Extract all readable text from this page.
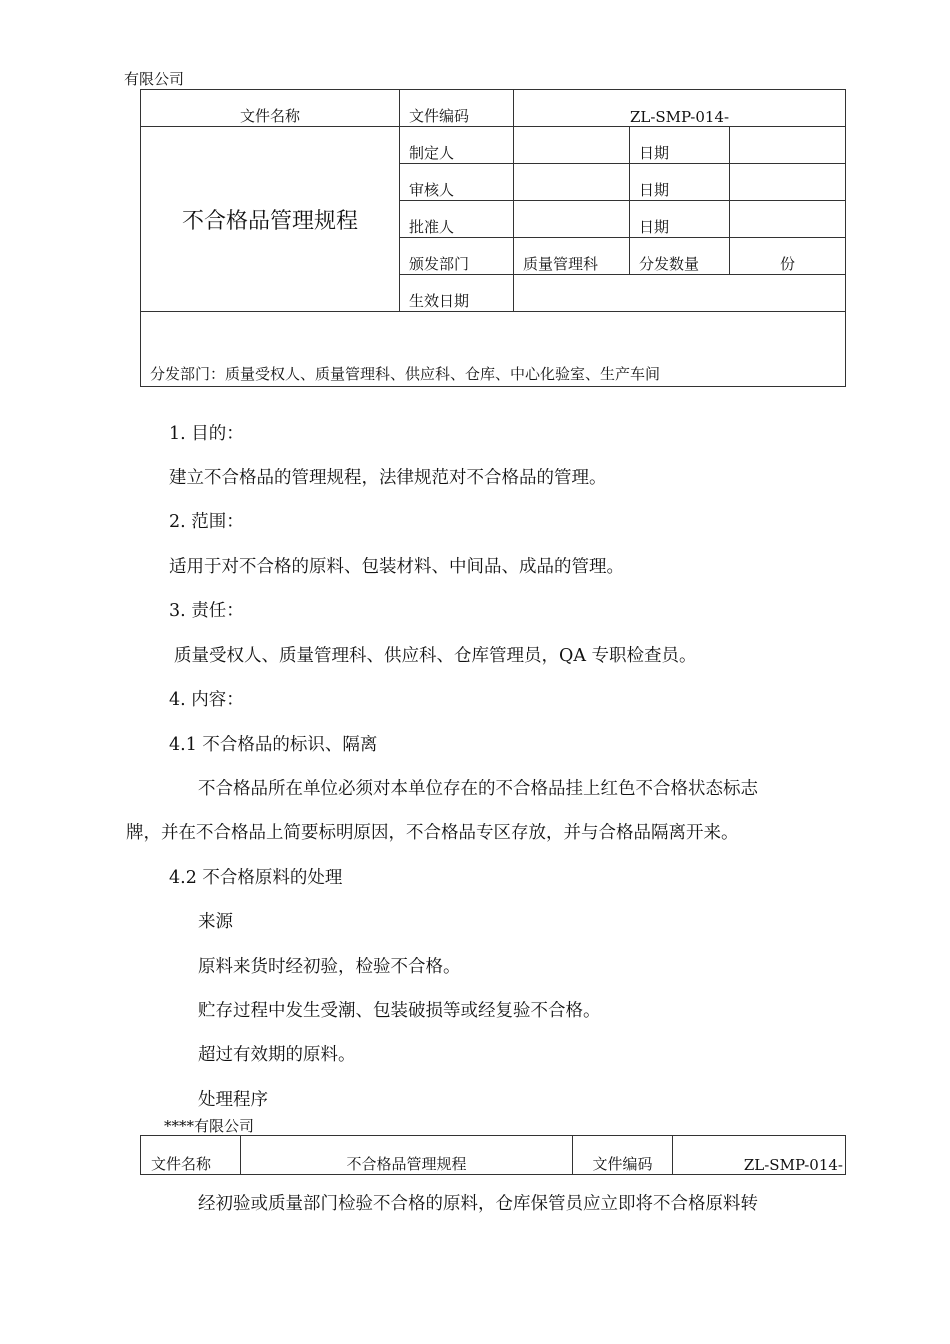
有限公司
文件名称	文件编码	ZL-SMP-014-		
不合格品管理规程	制定人		日期	
	审核人		日期	
	批准人		日期	
	颁发部门	质量管理科	分发数量	份
	生效日期			
分发部门：质量受权人、质量管理科、供应科、仓库、中心化验室、生产车间				
1. 目的：
建立不合格品的管理规程，法律规范对不合格品的管理。
2. 范围：
适用于对不合格的原料、包装材料、中间品、成品的管理。
3. 责任：
质量受权人、质量管理科、供应科、仓库管理员，QA 专职检查员。
4. 内容：
4.1 不合格品的标识、隔离
不合格品所在单位必须对本单位存在的不合格品挂上红色不合格状态标志
牌，并在不合格品上简要标明原因，不合格品专区存放，并与合格品隔离开来。
4.2 不合格原料的处理
来源
原料来货时经初验，检验不合格。
贮存过程中发生受潮、包装破损等或经复验不合格。
超过有效期的原料。
处理程序
****有限公司
文件名称	不合格品管理规程	文件编码	ZL-SMP-014-
经初验或质量部门检验不合格的原料，仓库保管员应立即将不合格原料转
